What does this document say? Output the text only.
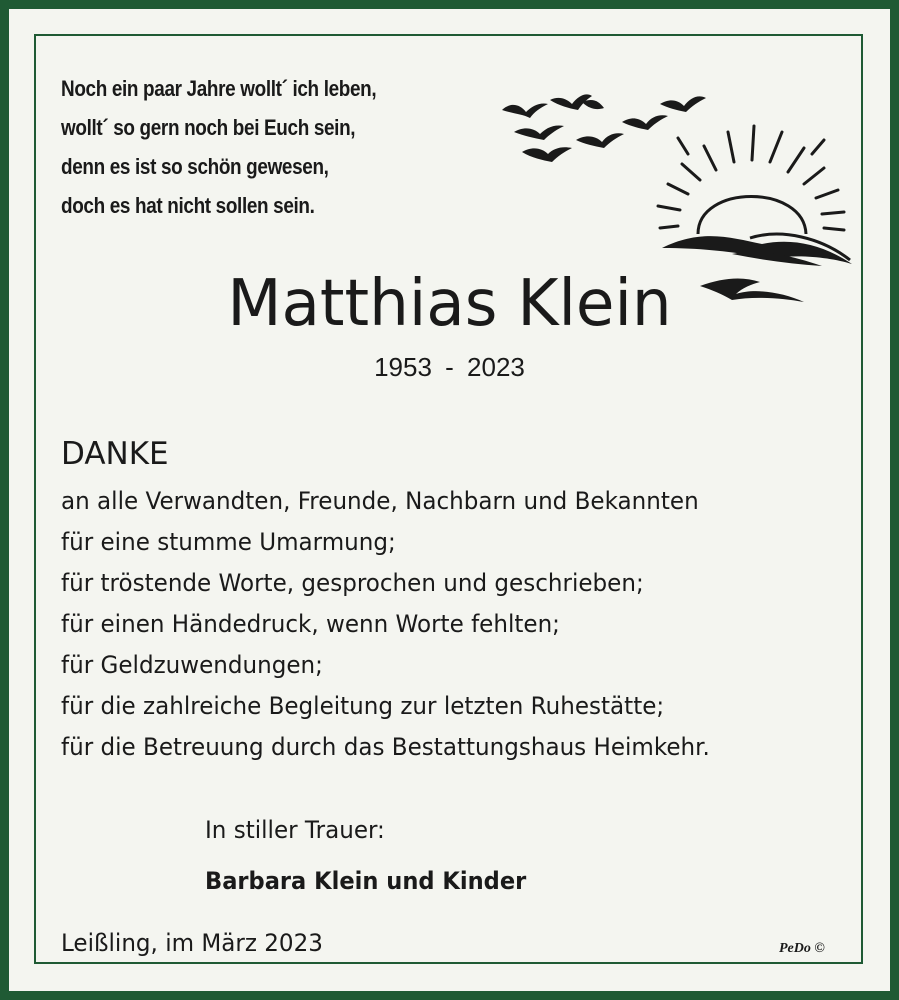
Noch ein paar Jahre wollt´ ich leben,
wollt´ so gern noch bei Euch sein,
denn es ist so schön gewesen,
doch es hat nicht sollen sein.
Matthias Klein
1953 - 2023
DANKE
an alle Verwandten, Freunde, Nachbarn und Bekannten
für eine stumme Umarmung;
für tröstende Worte, gesprochen und geschrieben;
für einen Händedruck, wenn Worte fehlten;
für Geldzuwendungen;
für die zahlreiche Begleitung zur letzten Ruhestätte;
für die Betreuung durch das Bestattungshaus Heimkehr.
In stiller Trauer:
Barbara Klein und Kinder
Leißling, im März 2023	PeDo ©
